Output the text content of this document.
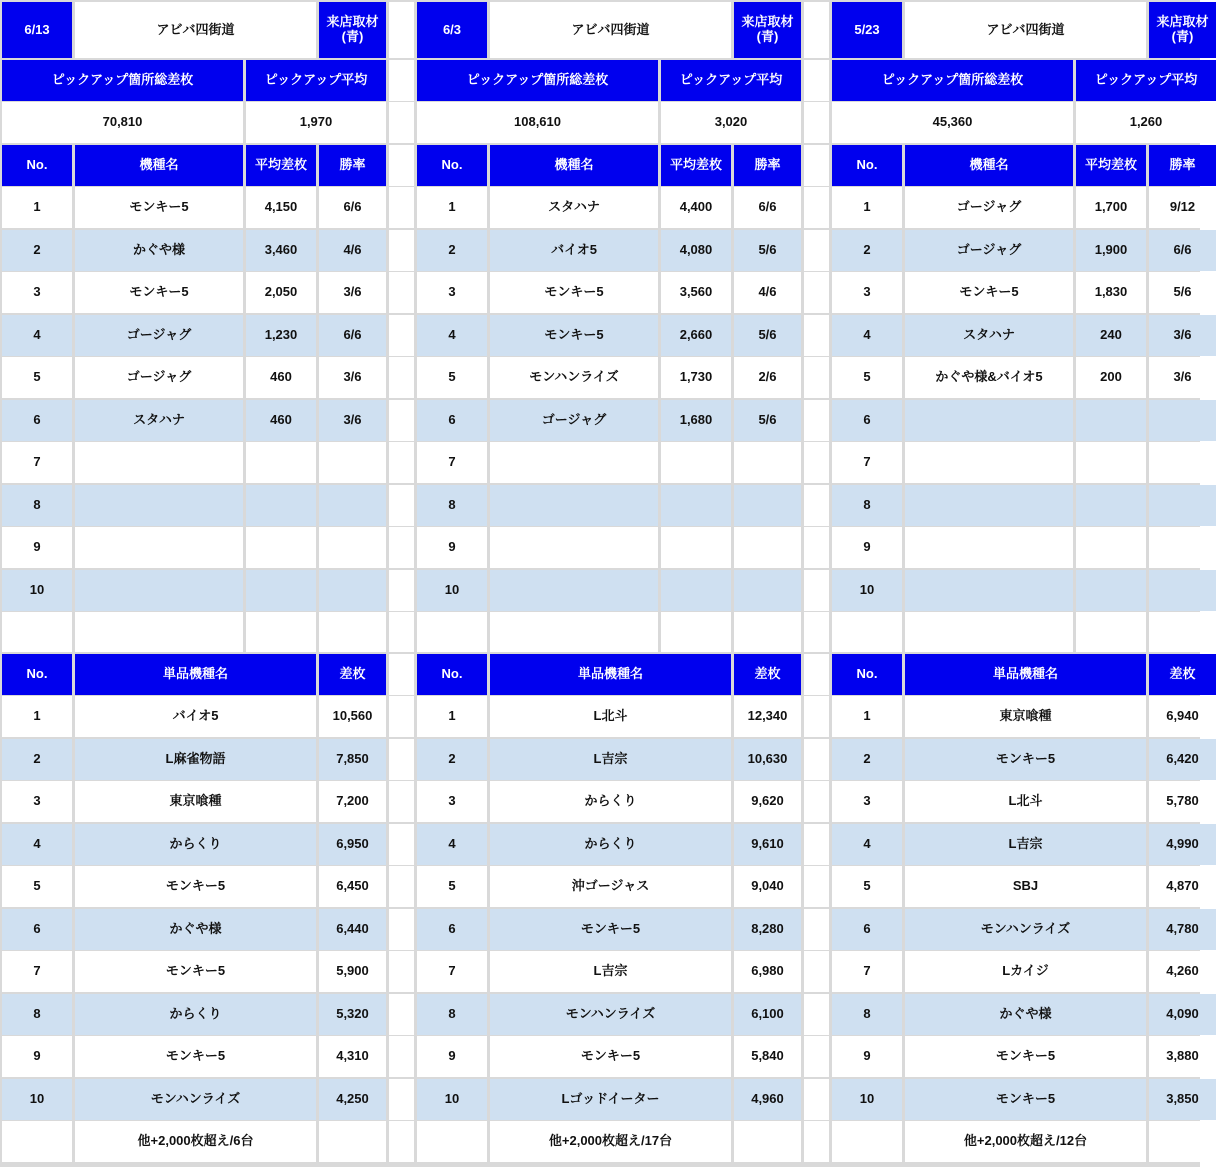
6/13	アビバ四街道	来店取材
(青)
ピックアップ箇所総差枚	ピックアップ平均
70,810	1,970
No.	機種名	平均差枚	勝率
1	モンキー5	4,150	6/6
2	かぐや様	3,460	4/6
3	モンキー5	2,050	3/6
4	ゴージャグ	1,230	6/6
5	ゴージャグ	460	3/6
6	スタハナ	460	3/6
7
8
9
10
No.	単品機種名	差枚
1	バイオ5	10,560
2	L麻雀物語	7,850
3	東京喰種	7,200
4	からくり	6,950
5	モンキー5	6,450
6	かぐや様	6,440
7	モンキー5	5,900
8	からくり	5,320
9	モンキー5	4,310
10	モンハンライズ	4,250
他+2,000枚超え/6台
6/3	アビバ四街道	来店取材
(青)
ピックアップ箇所総差枚	ピックアップ平均
108,610	3,020
No.	機種名	平均差枚	勝率
1	スタハナ	4,400	6/6
2	バイオ5	4,080	5/6
3	モンキー5	3,560	4/6
4	モンキー5	2,660	5/6
5	モンハンライズ	1,730	2/6
6	ゴージャグ	1,680	5/6
7
8
9
10
No.	単品機種名	差枚
1	L北斗	12,340
2	L吉宗	10,630
3	からくり	9,620
4	からくり	9,610
5	沖ゴージャス	9,040
6	モンキー5	8,280
7	L吉宗	6,980
8	モンハンライズ	6,100
9	モンキー5	5,840
10	Lゴッドイーター	4,960
他+2,000枚超え/17台
5/23	アビバ四街道	来店取材
(青)
ピックアップ箇所総差枚	ピックアップ平均
45,360	1,260
No.	機種名	平均差枚	勝率
1	ゴージャグ	1,700	9/12
2	ゴージャグ	1,900	6/6
3	モンキー5	1,830	5/6
4	スタハナ	240	3/6
5	かぐや様&バイオ5	200	3/6
6
7
8
9
10
No.	単品機種名	差枚
1	東京喰種	6,940
2	モンキー5	6,420
3	L北斗	5,780
4	L吉宗	4,990
5	SBJ	4,870
6	モンハンライズ	4,780
7	Lカイジ	4,260
8	かぐや様	4,090
9	モンキー5	3,880
10	モンキー5	3,850
他+2,000枚超え/12台
